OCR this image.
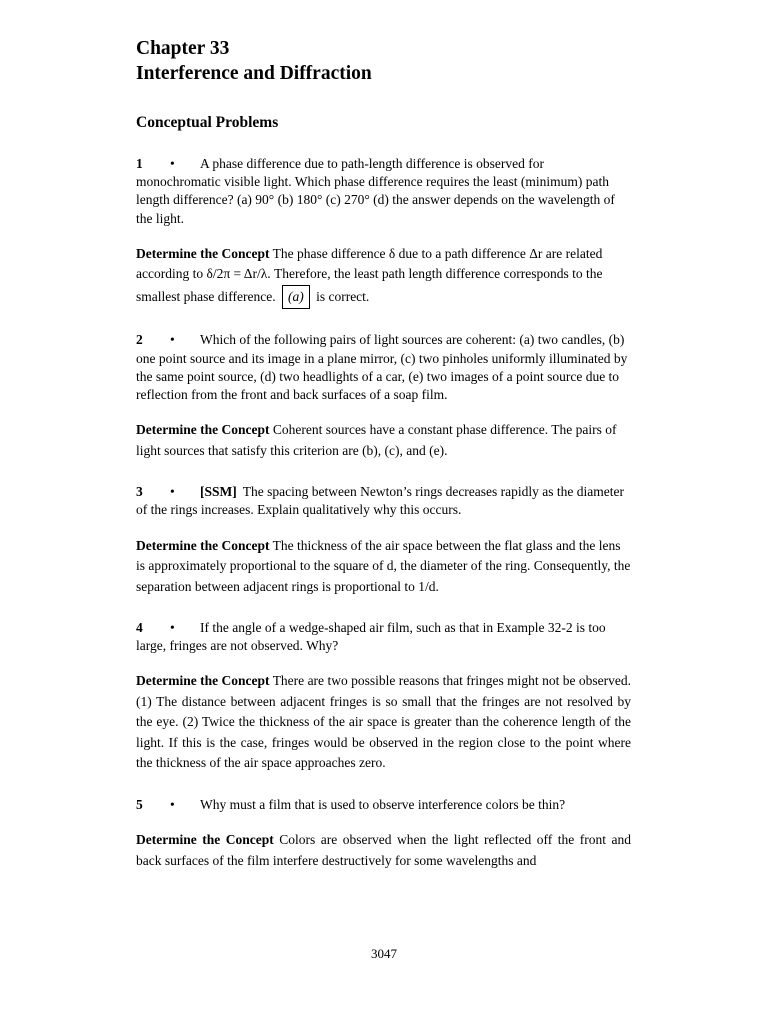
Chapter 33
Interference and Diffraction
Conceptual Problems
1 • A phase difference due to path-length difference is observed for monochromatic visible light. Which phase difference requires the least (minimum) path length difference? (a) 90° (b) 180° (c) 270° (d) the answer depends on the wavelength of the light.
Determine the Concept The phase difference δ due to a path difference Δr are related according to δ/2π = Δr/λ. Therefore, the least path length difference corresponds to the smallest phase difference. (a) is correct.
2 • Which of the following pairs of light sources are coherent: (a) two candles, (b) one point source and its image in a plane mirror, (c) two pinholes uniformly illuminated by the same point source, (d) two headlights of a car, (e) two images of a point source due to reflection from the front and back surfaces of a soap film.
Determine the Concept Coherent sources have a constant phase difference. The pairs of light sources that satisfy this criterion are (b), (c), and (e).
3 • [SSM] The spacing between Newton’s rings decreases rapidly as the diameter of the rings increases. Explain qualitatively why this occurs.
Determine the Concept The thickness of the air space between the flat glass and the lens is approximately proportional to the square of d, the diameter of the ring. Consequently, the separation between adjacent rings is proportional to 1/d.
4 • If the angle of a wedge-shaped air film, such as that in Example 32-2 is too large, fringes are not observed. Why?
Determine the Concept There are two possible reasons that fringes might not be observed. (1) The distance between adjacent fringes is so small that the fringes are not resolved by the eye. (2) Twice the thickness of the air space is greater than the coherence length of the light. If this is the case, fringes would be observed in the region close to the point where the thickness of the air space approaches zero.
5 • Why must a film that is used to observe interference colors be thin?
Determine the Concept Colors are observed when the light reflected off the front and back surfaces of the film interfere destructively for some wavelengths and
3047
